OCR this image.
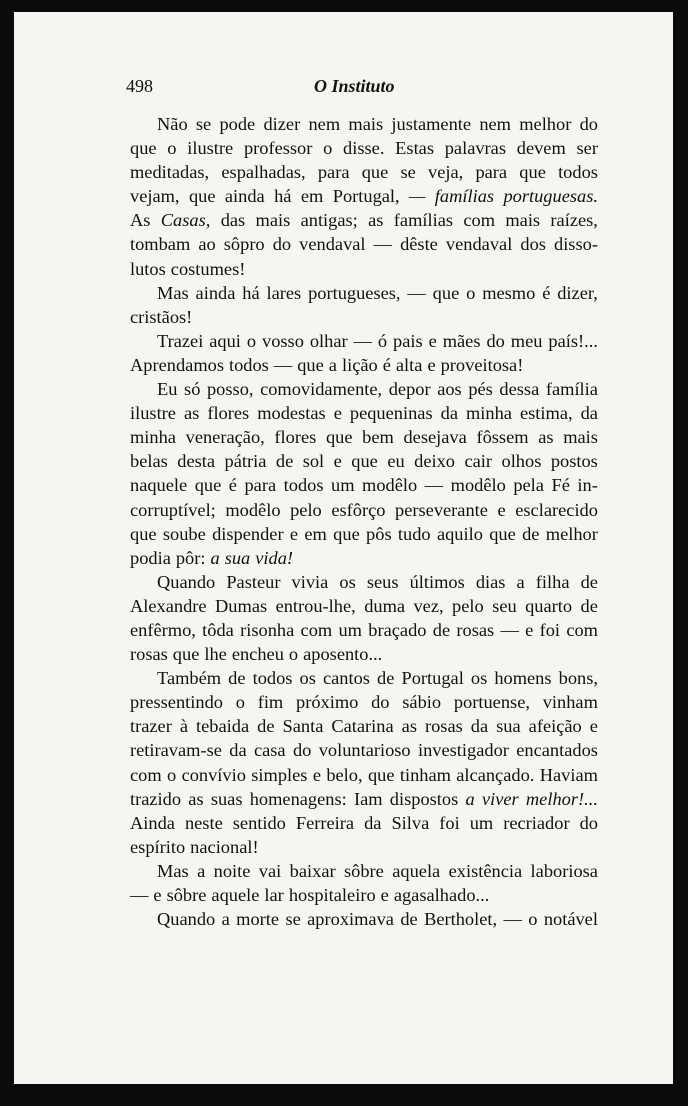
498	O Instituto
Não se pode dizer nem mais justamente nem melhor do
que o ilustre professor o disse. Estas palavras devem ser
meditadas, espalhadas, para que se veja, para que todos
vejam, que ainda há em Portugal, — famílias portuguesas.
As Casas, das mais antigas; as famílias com mais raízes,
tombam ao sôpro do vendaval — dêste vendaval dos disso-
lutos costumes!
Mas ainda há lares portugueses, — que o mesmo é dizer,
cristãos!
Trazei aqui o vosso olhar — ó pais e mães do meu país!...
Aprendamos todos — que a lição é alta e proveitosa!
Eu só posso, comovidamente, depor aos pés dessa família
ilustre as flores modestas e pequeninas da minha estima, da
minha veneração, flores que bem desejava fôssem as mais
belas desta pátria de sol e que eu deixo cair olhos postos
naquele que é para todos um modêlo — modêlo pela Fé in-
corruptível; modêlo pelo esfôrço perseverante e esclarecido
que soube dispender e em que pôs tudo aquilo que de melhor
podia pôr: a sua vida!
Quando Pasteur vivia os seus últimos dias a filha de
Alexandre Dumas entrou-lhe, duma vez, pelo seu quarto de
enfêrmo, tôda risonha com um braçado de rosas — e foi com
rosas que lhe encheu o aposento...
Também de todos os cantos de Portugal os homens bons,
pressentindo o fim próximo do sábio portuense, vinham
trazer à tebaida de Santa Catarina as rosas da sua afeição e
retiravam-se da casa do voluntarioso investigador encantados
com o convívio simples e belo, que tinham alcançado. Haviam
trazido as suas homenagens: Iam dispostos a viver melhor!...
Ainda neste sentido Ferreira da Silva foi um recriador do
espírito nacional!
Mas a noite vai baixar sôbre aquela existência laboriosa
— e sôbre aquele lar hospitaleiro e agasalhado...
Quando a morte se aproximava de Bertholet, — o notável
